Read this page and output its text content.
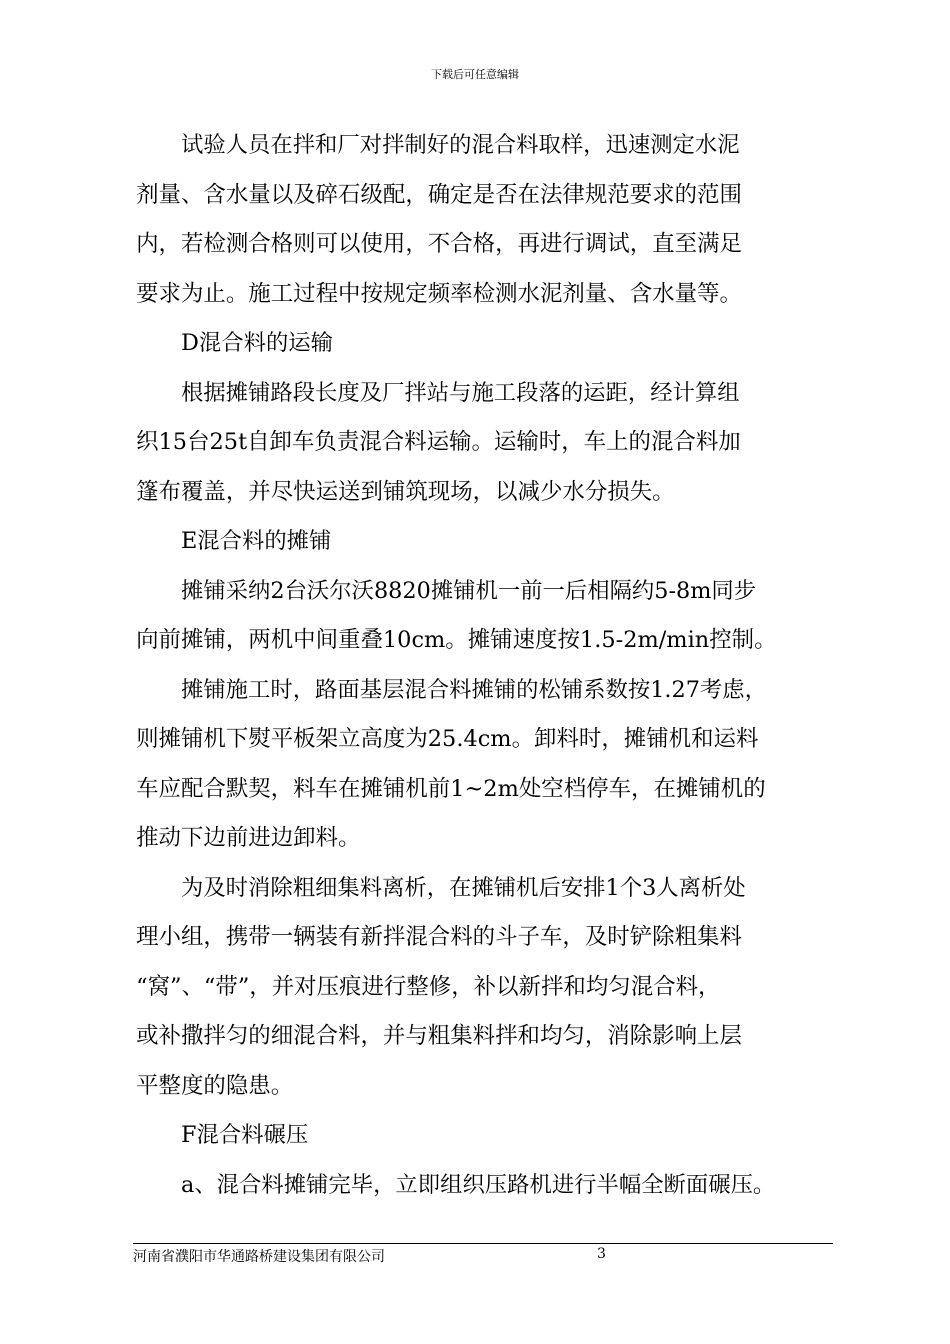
下载后可任意编辑

试验人员在拌和厂对拌制好的混合料取样，迅速测定水泥
剂量、含水量以及碎石级配，确定是否在法律规范要求的范围
内，若检测合格则可以使用，不合格，再进行调试，直至满足
要求为止。施工过程中按规定频率检测水泥剂量、含水量等。

D混合料的运输

根据摊铺路段长度及厂拌站与施工段落的运距，经计算组
织15台25t自卸车负责混合料运输。运输时，车上的混合料加
篷布覆盖，并尽快运送到铺筑现场，以减少水分损失。

E混合料的摊铺

摊铺采纳2台沃尔沃8820摊铺机一前一后相隔约5-8m同步
向前摊铺，两机中间重叠10cm。摊铺速度按1.5-2m/min控制。

摊铺施工时，路面基层混合料摊铺的松铺系数按1.27考虑，
则摊铺机下熨平板架立高度为25.4cm。卸料时，摊铺机和运料
车应配合默契，料车在摊铺机前1~2m处空档停车，在摊铺机的
推动下边前进边卸料。

为及时消除粗细集料离析，在摊铺机后安排1个3人离析处
理小组，携带一辆装有新拌混合料的斗子车，及时铲除粗集料
“窝”、“带”，并对压痕进行整修，补以新拌和均匀混合料，
或补撒拌匀的细混合料，并与粗集料拌和均匀，消除影响上层
平整度的隐患。

F混合料碾压

a、混合料摊铺完毕，立即组织压路机进行半幅全断面碾压。

河南省濮阳市华通路桥建设集团有限公司	3
